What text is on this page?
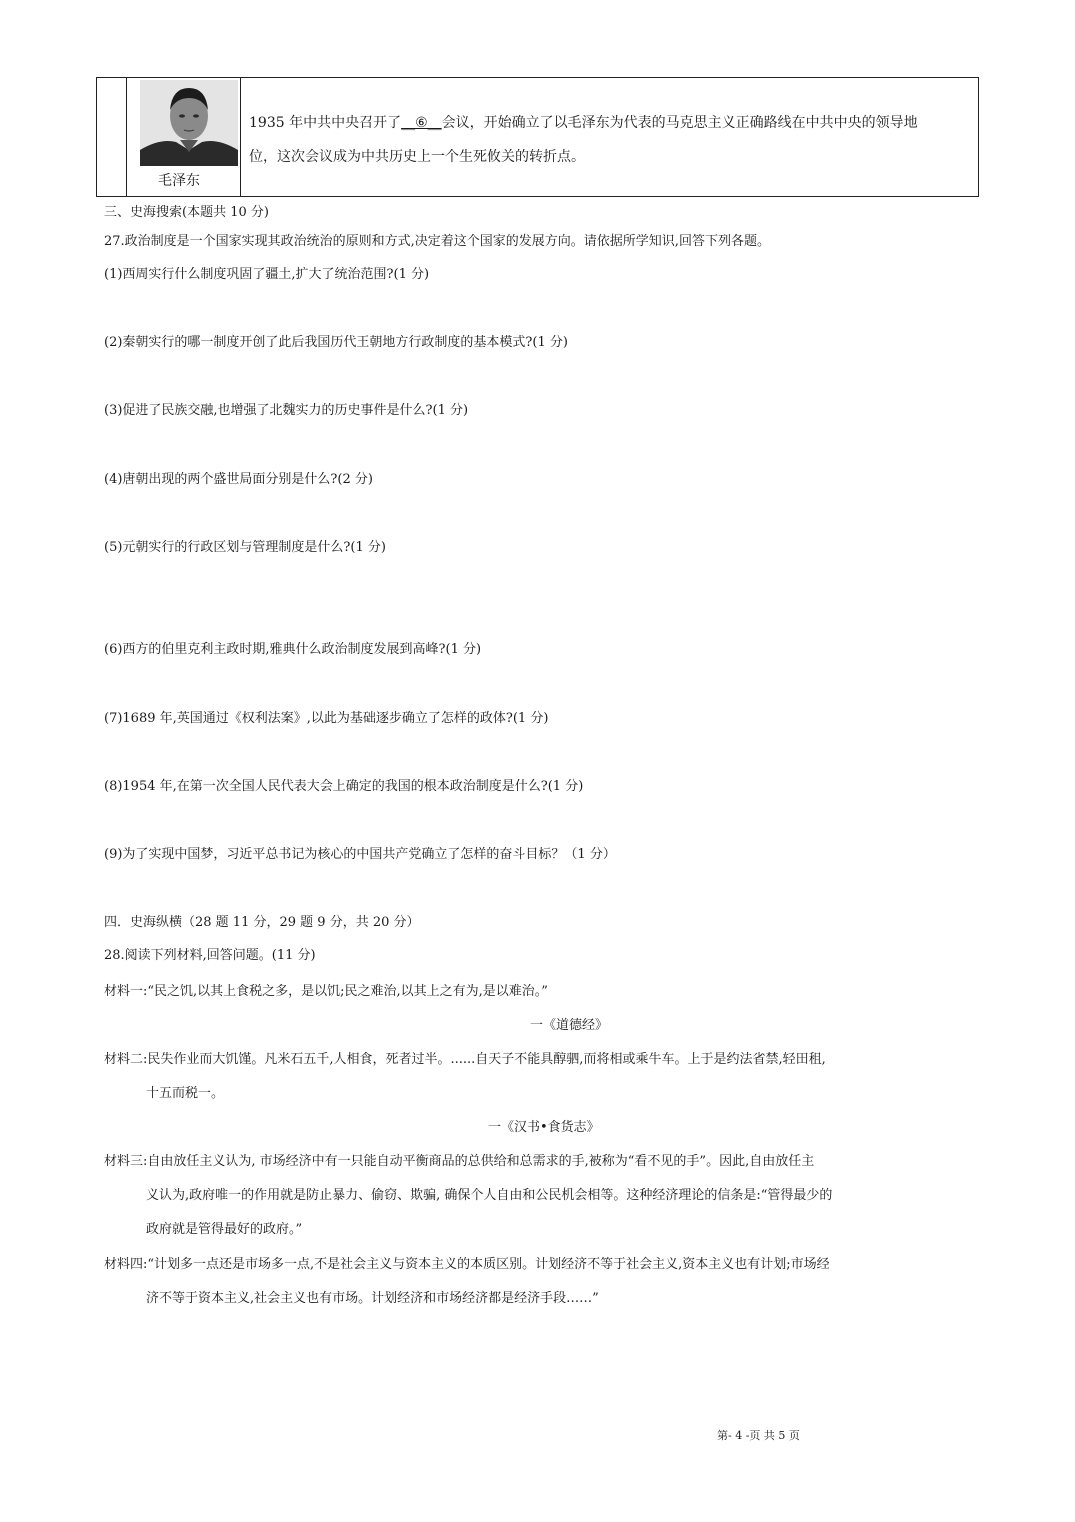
毛泽东
1935 年中共中央召开了__⑥__会议，开始确立了以毛泽东为代表的马克思主义正确路线在中共中央的领导地
位，这次会议成为中共历史上一个生死攸关的转折点。
三、史海搜索(本题共 10 分)
27.政治制度是一个国家实现其政治统治的原则和方式,决定着这个国家的发展方向。请依据所学知识,回答下列各题。
(1)西周实行什么制度巩固了疆土,扩大了统治范围?(1 分)
(2)秦朝实行的哪一制度开创了此后我国历代王朝地方行政制度的基本模式?(1 分)
(3)促进了民族交融,也增强了北魏实力的历史事件是什么?(1 分)
(4)唐朝出现的两个盛世局面分别是什么?(2 分)
(5)元朝实行的行政区划与管理制度是什么?(1 分)
(6)西方的伯里克利主政时期,雅典什么政治制度发展到高峰?(1 分)
(7)1689 年,英国通过《权利法案》,以此为基础逐步确立了怎样的政体?(1 分)
(8)1954 年,在第一次全国人民代表大会上确定的我国的根本政治制度是什么?(1 分)
(9)为了实现中国梦，习近平总书记为核心的中国共产党确立了怎样的奋斗目标？（1 分）
四．史海纵横（28 题 11 分，29 题 9 分，共 20 分）
28.阅读下列材料,回答问题。(11 分)
材料一:“民之饥,以其上食税之多，是以饥;民之难治,以其上之有为,是以难治。”
一《道德经》
材料二:民失作业而大饥馑。凡米石五千,人相食，死者过半。......自天子不能具醇驷,而将相或乘牛车。上于是约法省禁,轻田租,
十五而税一。
一《汉书•食货志》
材料三:自由放任主义认为, 市场经济中有一只能自动平衡商品的总供给和总需求的手,被称为“看不见的手”。因此,自由放任主
义认为,政府唯一的作用就是防止暴力、偷窃、欺骗, 确保个人自由和公民机会相等。这种经济理论的信条是:“管得最少的
政府就是管得最好的政府。”
材料四:“计划多一点还是市场多一点,不是社会主义与资本主义的本质区别。计划经济不等于社会主义,资本主义也有计划;市场经
济不等于资本主义,社会主义也有市场。计划经济和市场经济都是经济手段……”
第- 4 -页 共 5 页
